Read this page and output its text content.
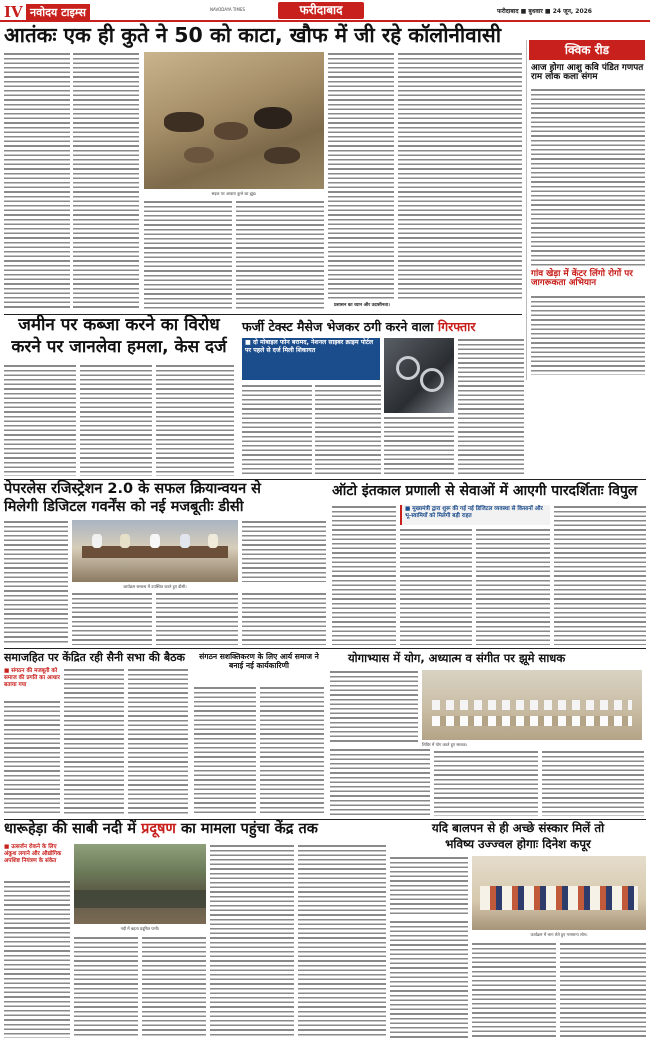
IV नवोदय टाइम्स	NAVODAYA TIMES	फरीदाबाद	फरीदाबाद ■ बुधवार ■ 24 जून, 2026
आतंकः एक ही कुते ने 50 को काटा, खौफ में जी रहे कॉलोनीवासी
सड़क पर आवारा कुत्ते का झुंड।
प्रशासन का ध्यान और उदासीनता।
क्विक रीड
आज होगा आशु कवि पंडित गणपत राम लोक कला संगम
गांव खेड़ा में केंटर लिंगो रोगों पर जागरूकता अभियान
जमीन पर कब्जा करने का विरोध
करने पर जानलेवा हमला, केस दर्ज
फर्जी टेक्स्ट मैसेज भेजकर ठगी करने वाला गिरफ्तार
■ दो मोबाइल फोन बरामद, नेशनल साइबर क्राइम पोर्टल पर पहले से दर्ज मिली शिकायत
पेपरलेस रजिस्ट्रेशन 2.0 के सफल क्रियान्वयन से
मिलेगी डिजिटल गवर्नेंस को नई मजबूतीः डीसी
कार्यक्रम सम्बन्ध में उपस्थित करते हुए डीसी।
ऑटो इंतकाल प्रणाली से सेवाओं में आएगी पारदर्शिताः विपुल
■ मुख्यमंत्री द्वारा शुरू की गई नई डिजिटल व्यवस्था से किसानों और भू-स्वामियों को मिलेगी बड़ी राहत
समाजहित पर केंद्रित रही सैनी सभा की बैठक
■ संगठन की मजबूती को समाज की प्रगति का आधार बताया गया
संगठन सशक्तिकरण के लिए आर्य समाज ने बनाई नई कार्यकारिणी
योगाभ्यास में योग, अध्यात्म व संगीत पर झूमे साधक
शिविर में योग करते हुए साधक।
धारूहेड़ा की साबी नदी में प्रदूषण का मामला पहुंचा केंद्र तक
■ उत्सर्जन रोकने के लिए अंकुश लगाने और औद्योगिक अपशिष्ट नियंत्रण के संकेत
नदी में बहता प्रदूषित पानी।
यदि बालपन से ही अच्छे संस्कार मिलें तो
भविष्य उज्ज्वल होगाः दिनेश कपूर
कार्यक्रम में भाग लेते हुए गणमान्य लोग।
